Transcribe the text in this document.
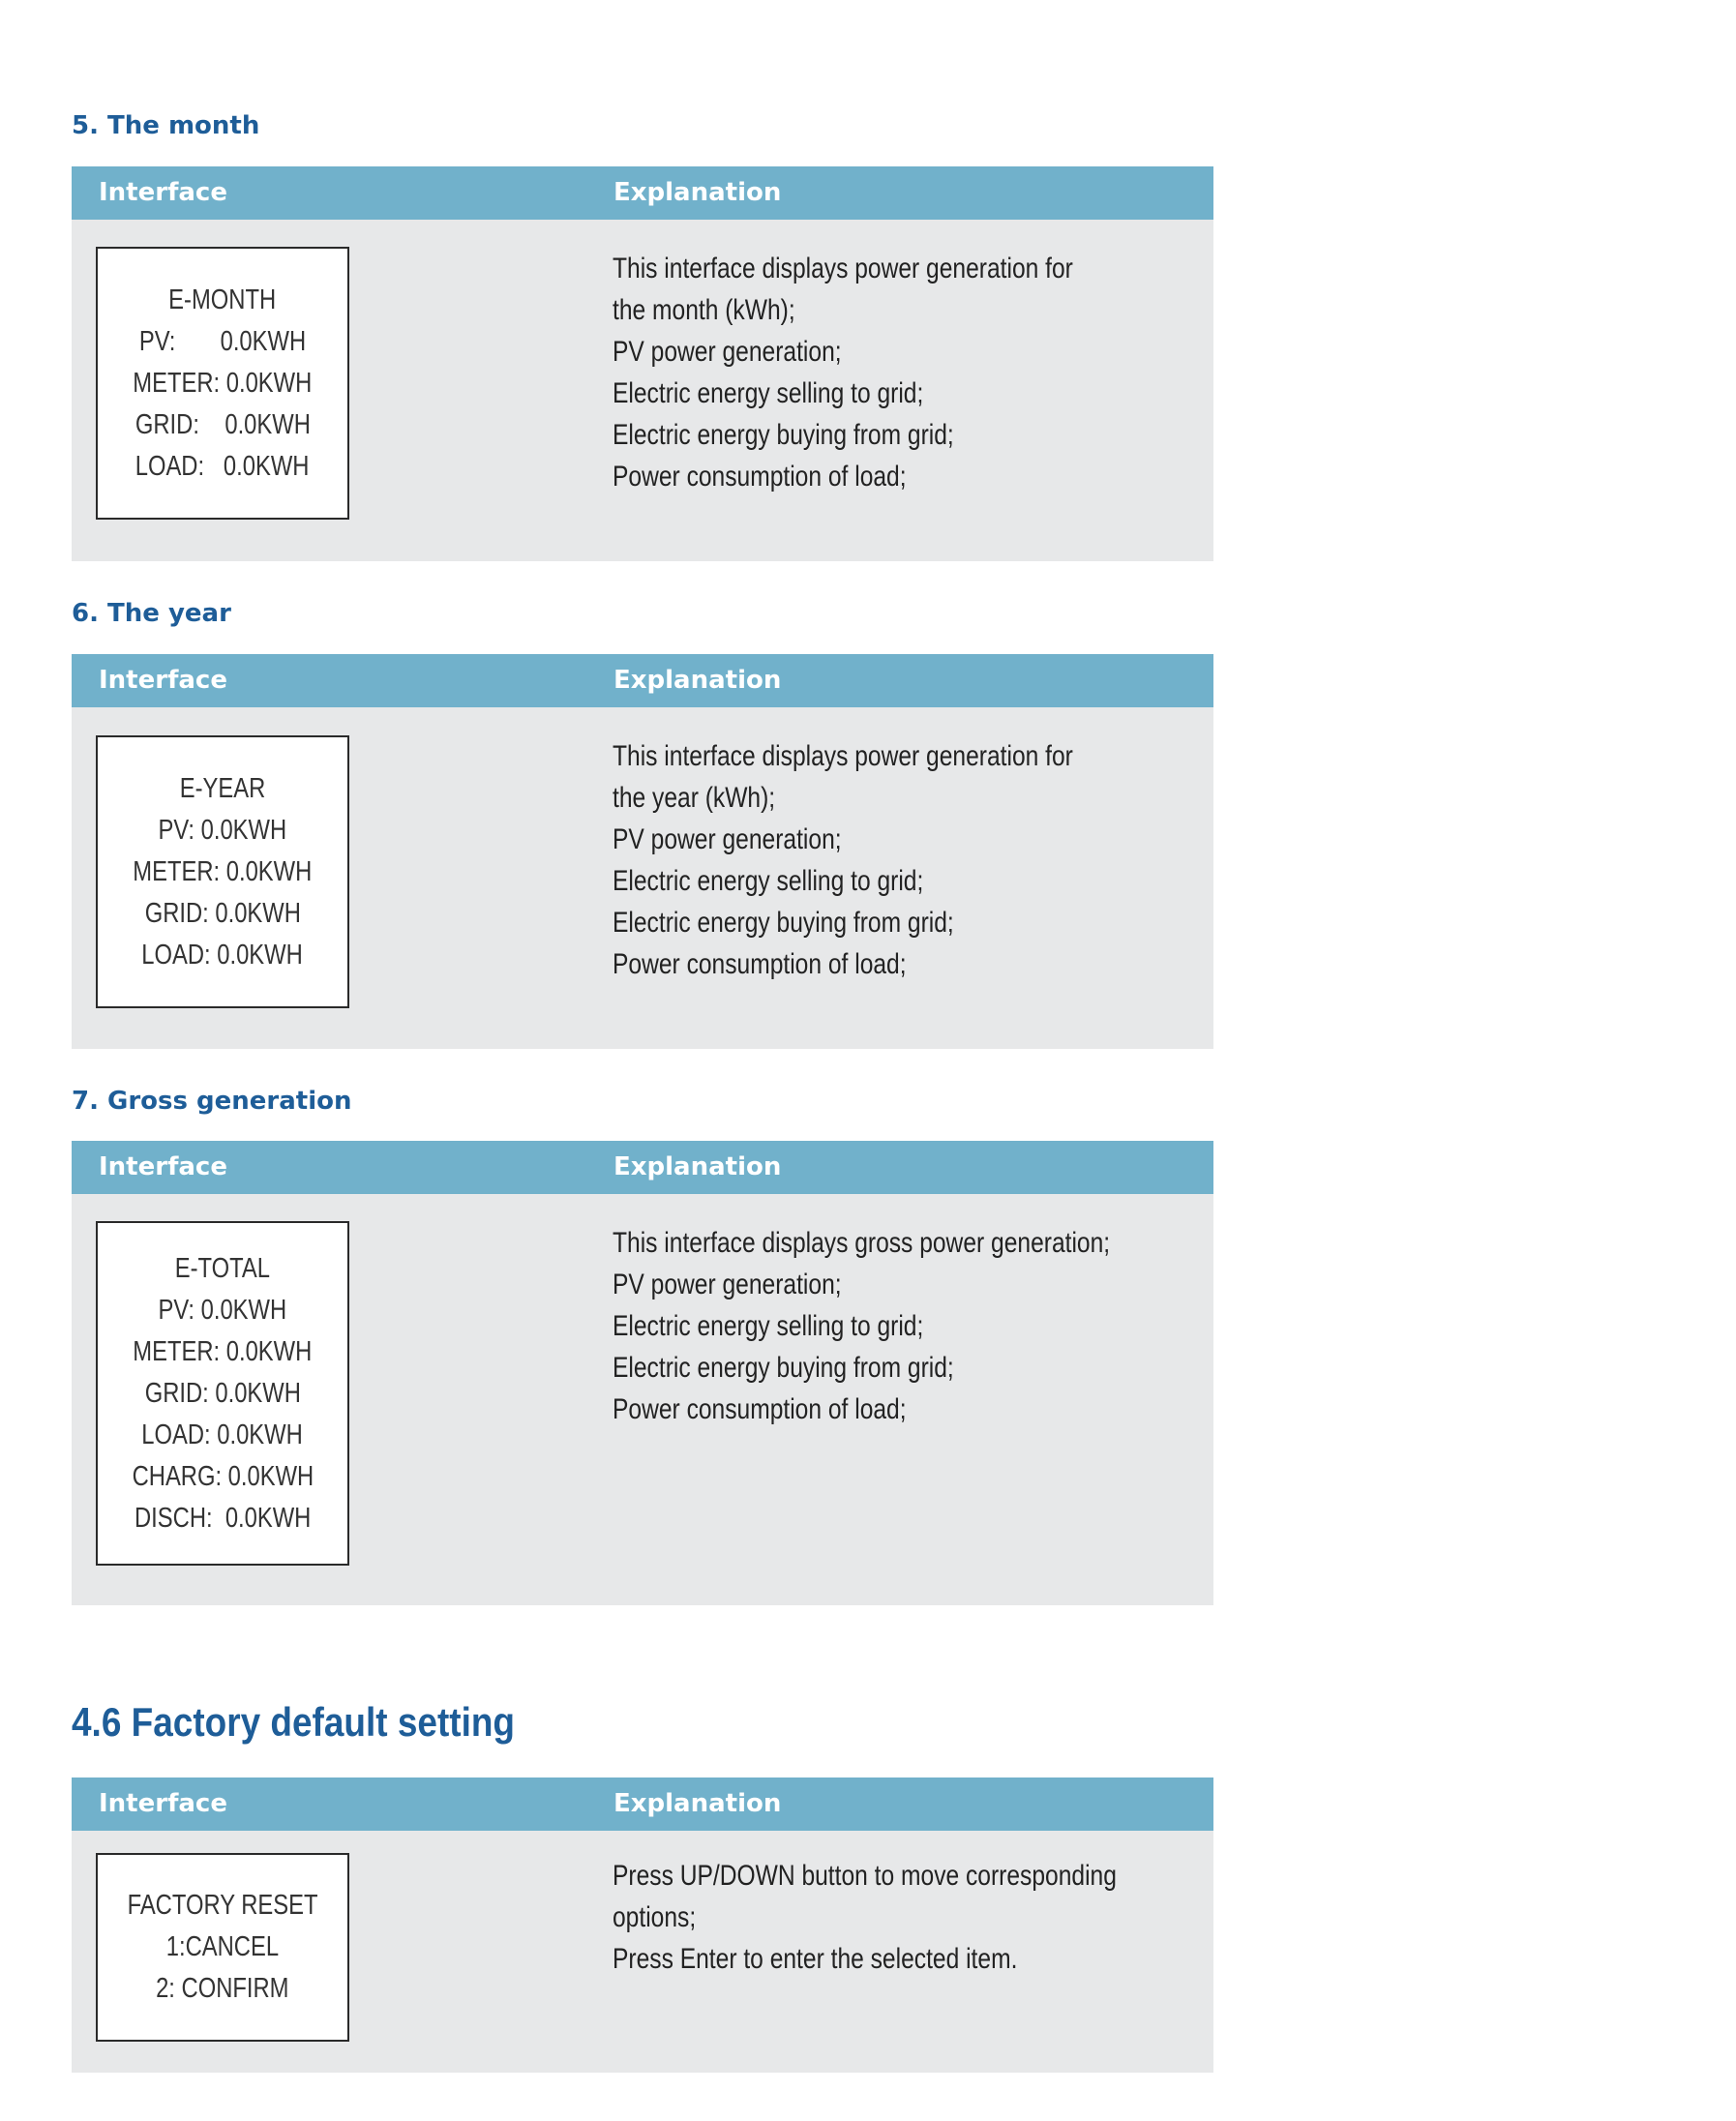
5. The month
Interface	Explanation
E-MONTH
PV:       0.0KWH
METER: 0.0KWH
GRID:    0.0KWH
LOAD:   0.0KWH
This interface displays power generation for
the month (kWh);
PV power generation;
Electric energy selling to grid;
Electric energy buying from grid;
Power consumption of load;
6. The year
Interface	Explanation
E-YEAR
PV: 0.0KWH
METER: 0.0KWH
GRID: 0.0KWH
LOAD: 0.0KWH
This interface displays power generation for
the year (kWh);
PV power generation;
Electric energy selling to grid;
Electric energy buying from grid;
Power consumption of load;
7. Gross generation
Interface	Explanation
E-TOTAL
PV: 0.0KWH
METER: 0.0KWH
GRID: 0.0KWH
LOAD: 0.0KWH
CHARG: 0.0KWH
DISCH:  0.0KWH
This interface displays gross power generation;
PV power generation;
Electric energy selling to grid;
Electric energy buying from grid;
Power consumption of load;
4.6 Factory default setting
Interface	Explanation
FACTORY RESET
1:CANCEL
2: CONFIRM
Press UP/DOWN button to move corresponding
options;
Press Enter to enter the selected item.
